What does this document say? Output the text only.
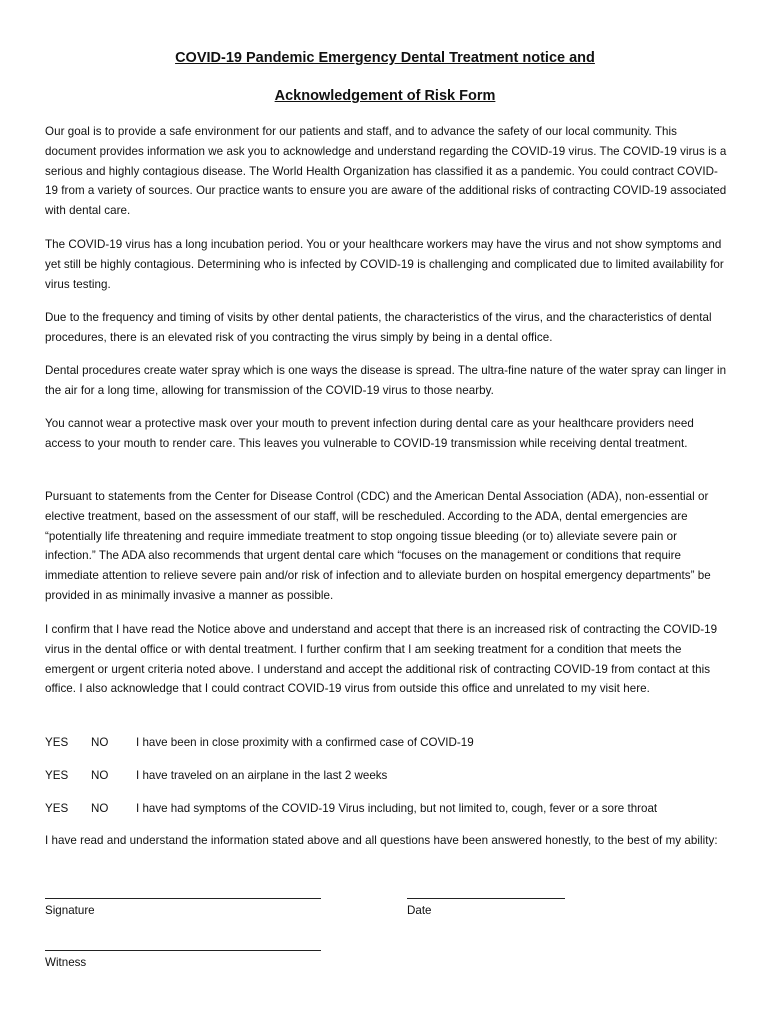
COVID-19 Pandemic Emergency Dental Treatment notice and
Acknowledgement of Risk Form
Our goal is to provide a safe environment for our patients and staff, and to advance the safety of our local community. This document provides information we ask you to acknowledge and understand regarding the COVID-19 virus. The COVID-19 virus is a serious and highly contagious disease. The World Health Organization has classified it as a pandemic. You could contract COVID-19 from a variety of sources. Our practice wants to ensure you are aware of the additional risks of contracting COVID-19 associated with dental care.
The COVID-19 virus has a long incubation period. You or your healthcare workers may have the virus and not show symptoms and yet still be highly contagious. Determining who is infected by COVID-19 is challenging and complicated due to limited availability for virus testing.
Due to the frequency and timing of visits by other dental patients, the characteristics of the virus, and the characteristics of dental procedures, there is an elevated risk of you contracting the virus simply by being in a dental office.
Dental procedures create water spray which is one ways the disease is spread. The ultra-fine nature of the water spray can linger in the air for a long time, allowing for transmission of the COVID-19 virus to those nearby.
You cannot wear a protective mask over your mouth to prevent infection during dental care as your healthcare providers need access to your mouth to render care. This leaves you vulnerable to COVID-19 transmission while receiving dental treatment.
Pursuant to statements from the Center for Disease Control (CDC) and the American Dental Association (ADA), non-essential or elective treatment, based on the assessment of our staff, will be rescheduled. According to the ADA, dental emergencies are “potentially life threatening and require immediate treatment to stop ongoing tissue bleeding (or to) alleviate severe pain or infection.” The ADA also recommends that urgent dental care which “focuses on the management or conditions that require immediate attention to relieve severe pain and/or risk of infection and to alleviate burden on hospital emergency departments” be provided in as minimally invasive a manner as possible.
I confirm that I have read the Notice above and understand and accept that there is an increased risk of contracting the COVID-19 virus in the dental office or with dental treatment. I further confirm that I am seeking treatment for a condition that meets the emergent or urgent criteria noted above. I understand and accept the additional risk of contracting COVID-19 from contact at this office. I also acknowledge that I could contract COVID-19 virus from outside this office and unrelated to my visit here.
YES NO I have been in close proximity with a confirmed case of COVID-19
YES NO I have traveled on an airplane in the last 2 weeks
YES NO I have had symptoms of the COVID-19 Virus including, but not limited to, cough, fever or a sore throat
I have read and understand the information stated above and all questions have been answered honestly, to the best of my ability:
Signature	Date
Witness
